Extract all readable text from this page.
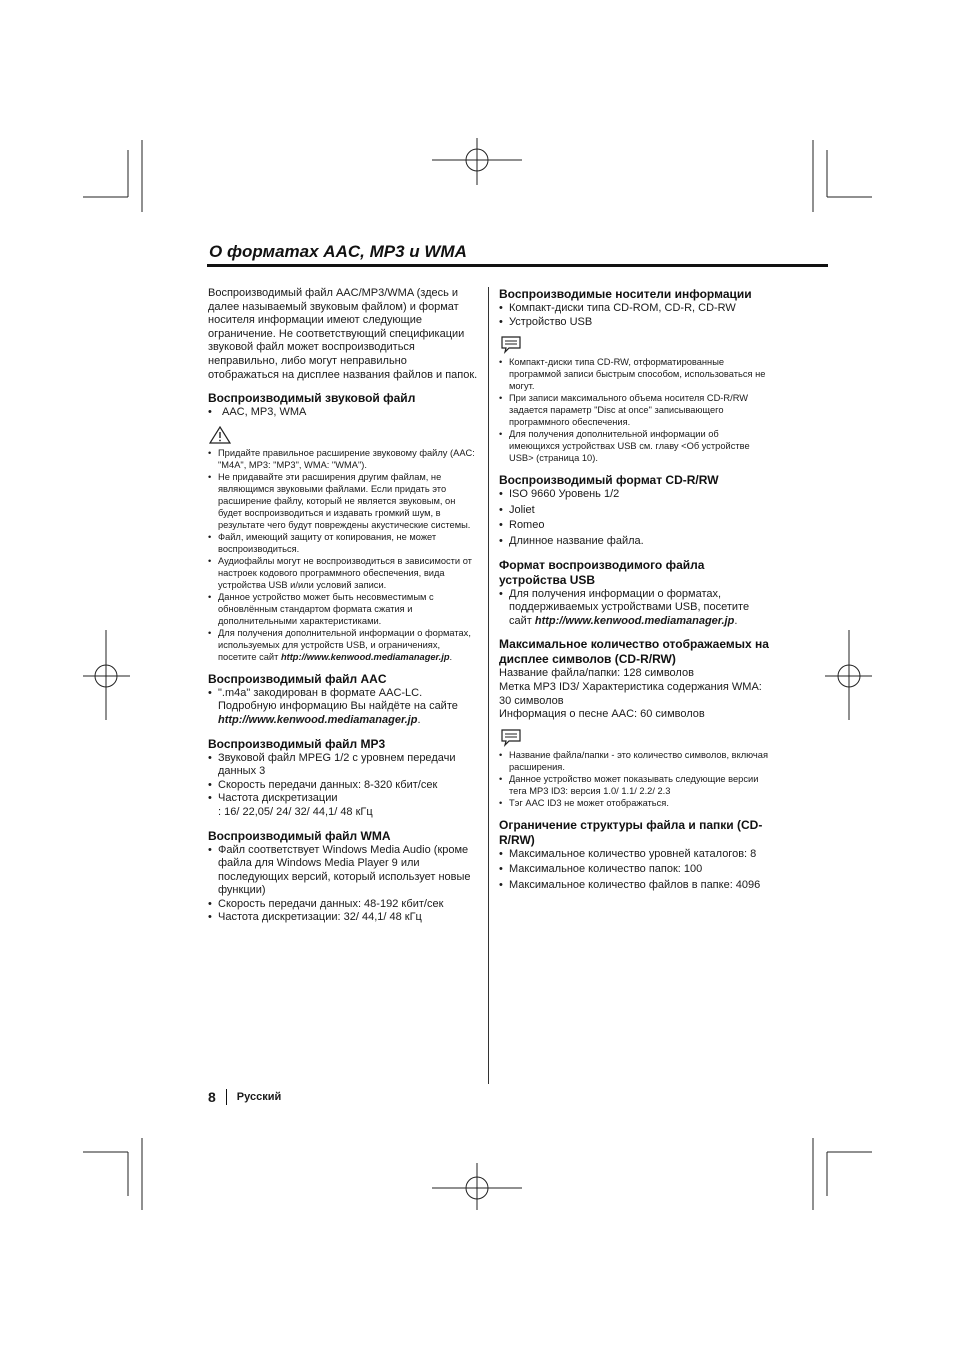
О форматах AAC, MP3 и WMA

Воспроизводимый файл AAC/MP3/WMA (здесь и далее называемый звуковым файлом) и формат носителя информации имеют следующие ограничение. Не соответствующий спецификации звуковой файл может воспроизводиться неправильно, либо могут неправильно отображаться на дисплее названия файлов и папок.

Воспроизводимый звуковой файл
• AAC, MP3, WMA
• Придайте правильное расширение звуковому файлу (AAC: "M4A", MP3: "MP3", WMA: "WMA").
• Не придавайте эти расширения другим файлам, не являющимся звуковыми файлами. Если придать это расширение файлу, который не является звуковым, он будет воспроизводиться и издавать громкий шум, в результате чего будут повреждены акустические системы.
• Файл, имеющий защиту от копирования, не может воспроизводиться.
• Аудиофайлы могут не воспроизводиться в зависимости от настроек кодового программного обеспечения, вида устройства USB и/или условий записи.
• Данное устройство может быть несовместимым с обновлённым стандартом формата сжатия и дополнительными характеристиками.
• Для получения дополнительной информации о форматах, используемых для устройств USB, и ограничениях, посетите сайт http://www.kenwood.mediamanager.jp.
Воспроизводимый файл AAC
• ".m4a" закодирован в формате AAC-LC. Подробную информацию Вы найдёте на сайте http://www.kenwood.mediamanager.jp.
Воспроизводимый файл MP3
• Звуковой файл MPEG 1/2 с уровнем передачи данных 3
• Скорость передачи данных: 8-320 кбит/сек
• Частота дискретизации

: 16/ 22,05/ 24/ 32/ 44,1/ 48 кГц

Воспроизводимый файл WMA
• Файл соответствует Windows Media Audio (кроме файла для Windows Media Player 9 или последующих версий, который использует новые функции)
• Скорость передачи данных: 48-192 кбит/сек
• Частота дискретизации: 32/ 44,1/ 48 кГц
Воспроизводимые носители информации
• Компакт-диски типа CD-ROM, CD-R, CD-RW
• Устройство USB
• Компакт-диски типа CD-RW, отформатированные программой записи быстрым способом, использоваться не могут.
• При записи максимального объема носителя CD-R/RW задается параметр "Disc at once" записывающего программного обеспечения.
• Для получения дополнительной информации об имеющихся устройствах USB см. главу <Об устройстве USB> (страница 10).
Воспроизводимый формат CD-R/RW
• ISO 9660 Уровень 1/2
• Joliet
• Romeo
• Длинное название файла.
Формат воспроизводимого файла устройства USB
• Для получения информации о форматах, поддерживаемых устройствами USB, посетите сайт http://www.kenwood.mediamanager.jp.
Максимальное количество отображаемых на дисплее символов (CD-R/RW)

Название файла/папки: 128 символов

Метка MP3 ID3/ Характеристика содержания WMA: 30 символов

Информация о песне AAC: 60 символов

• Название файла/папки - это количество символов, включая расширения.
• Данное устройство может показывать следующие версии тега MP3 ID3: версия 1.0/ 1.1/ 2.2/ 2.3
• Тэг AAC ID3 не может отображаться.
Ограничение структуры файла и папки (CD-R/RW)
• Максимальное количество уровней каталогов: 8
• Максимальное количество папок: 100
• Максимальное количество файлов в папке: 4096
8 Русский
